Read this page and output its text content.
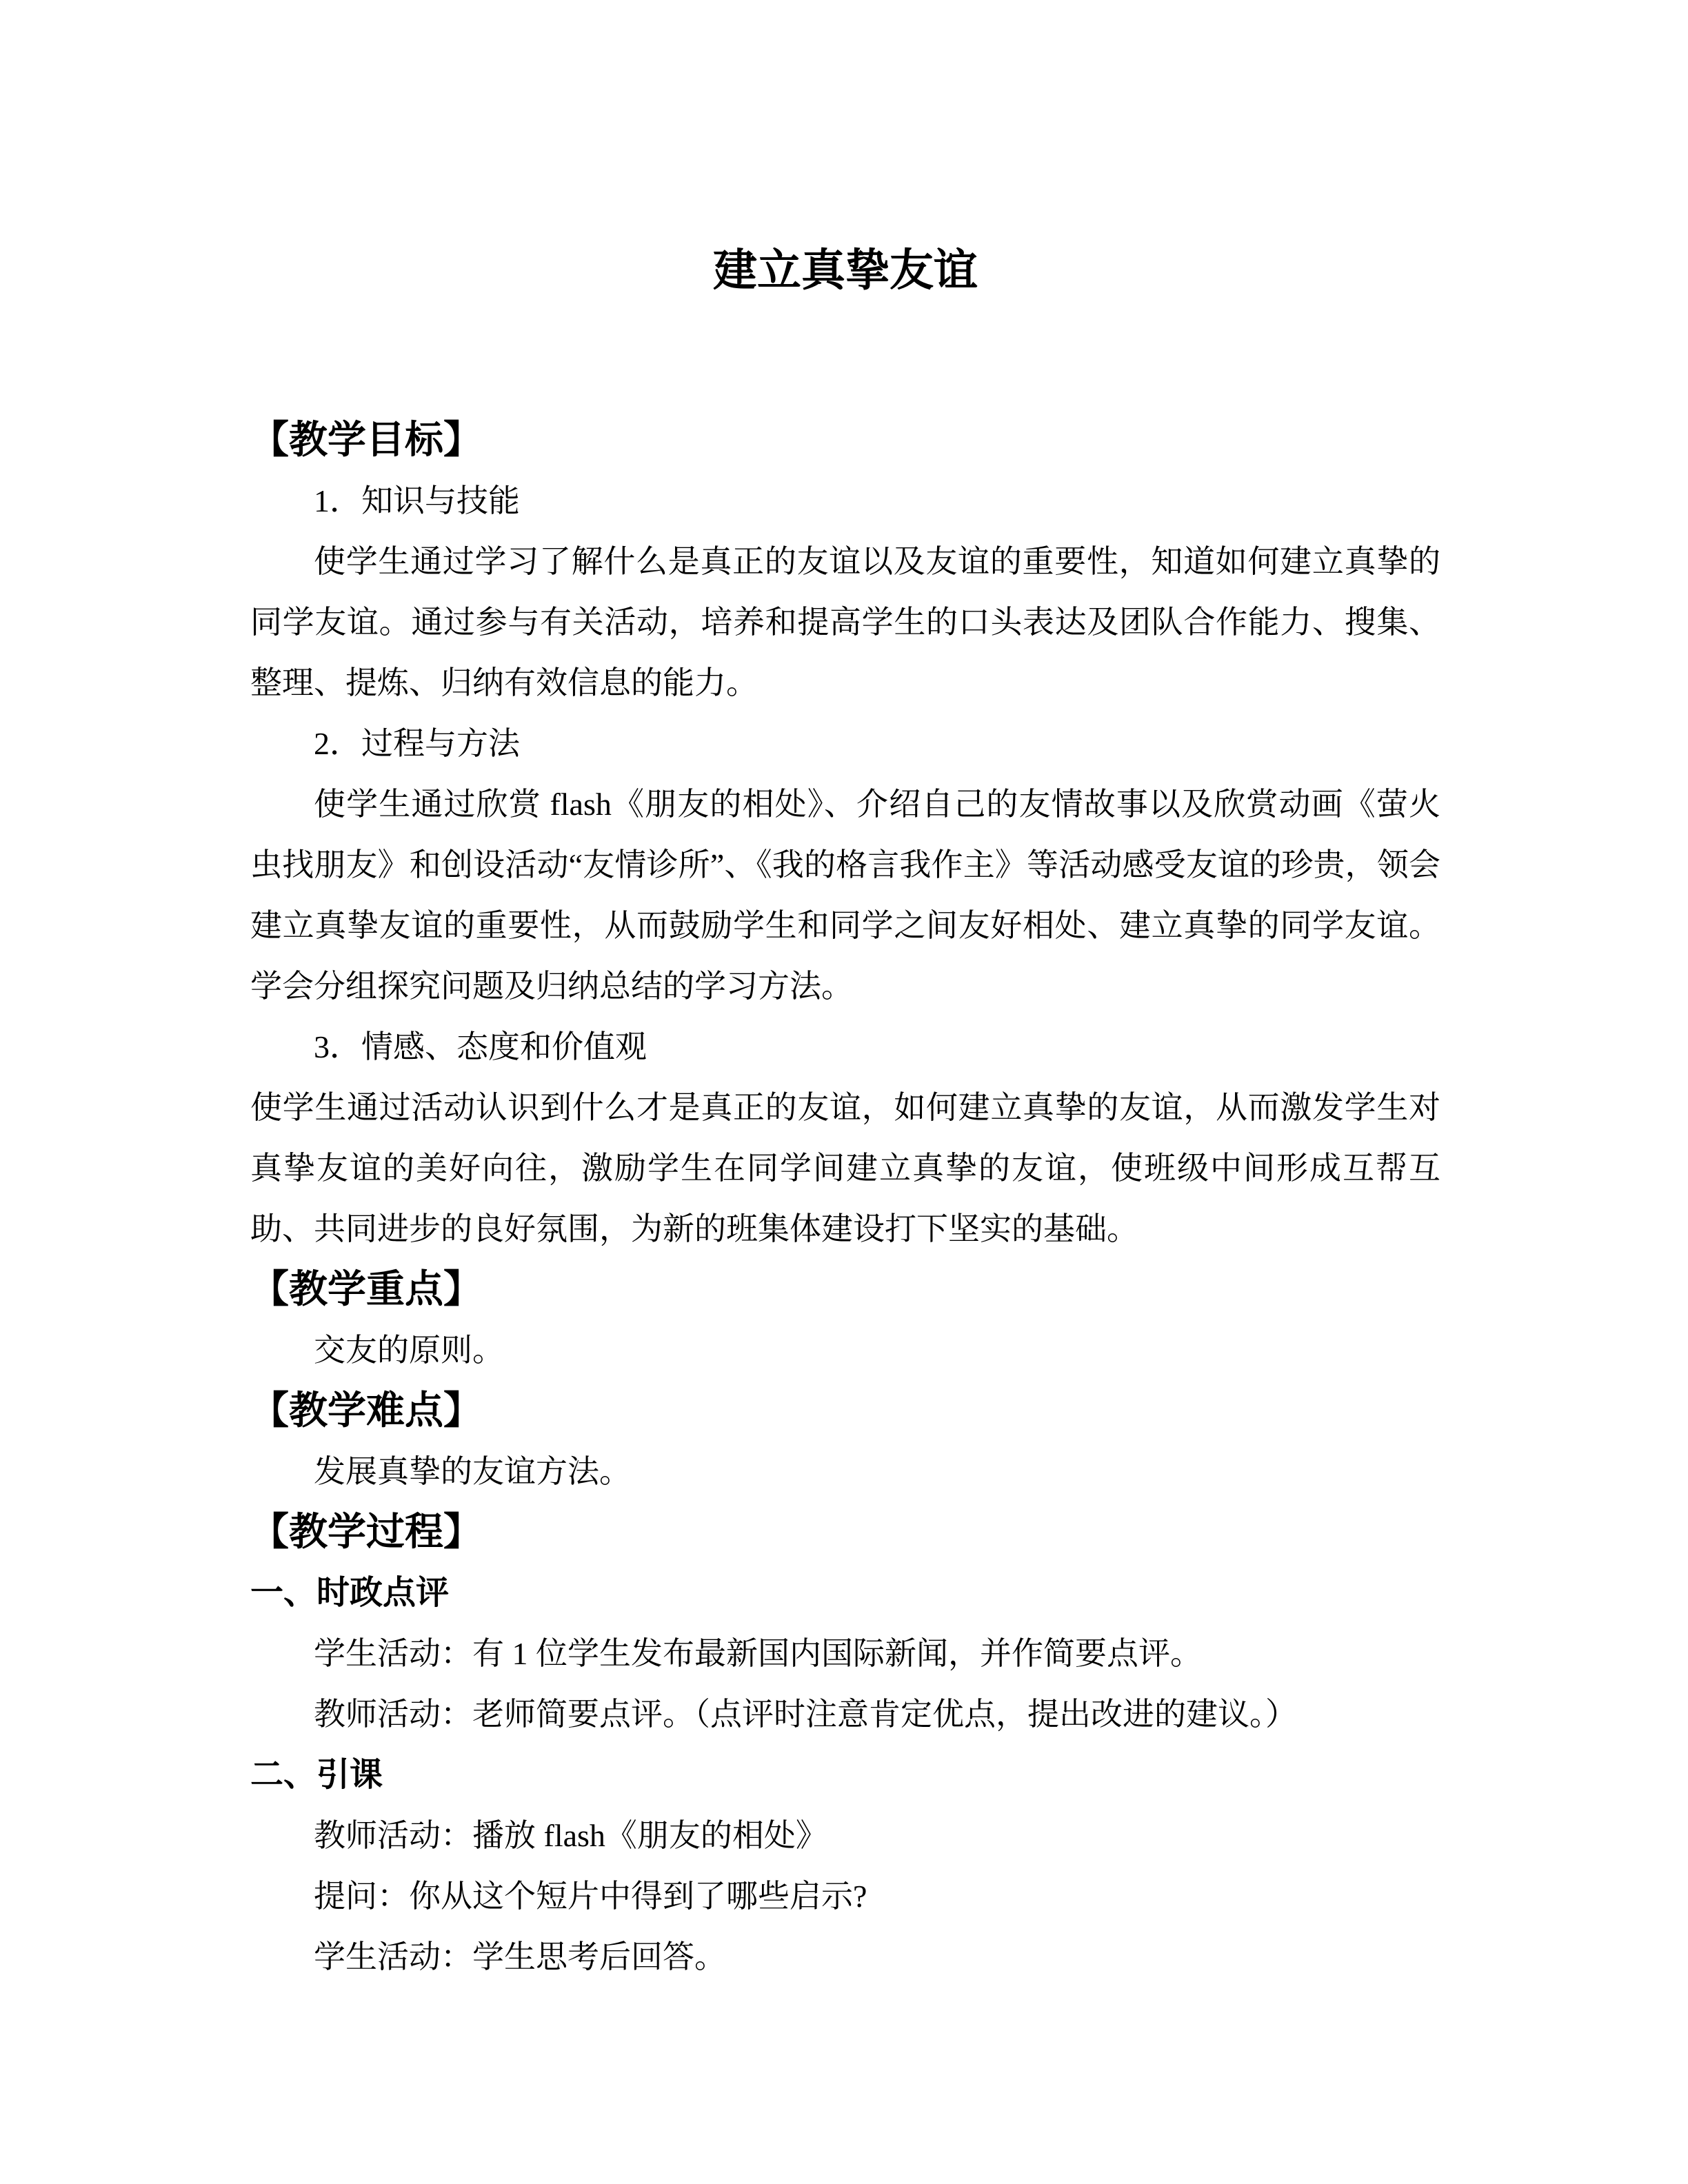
建立真挚友谊
【教学目标】
1．知识与技能
使学生通过学习了解什么是真正的友谊以及友谊的重要性，知道如何建立真挚的同学友谊。通过参与有关活动，培养和提高学生的口头表达及团队合作能力、搜集、整理、提炼、归纳有效信息的能力。
2．过程与方法
使学生通过欣赏 flash《朋友的相处》、介绍自己的友情故事以及欣赏动画《萤火虫找朋友》和创设活动“友情诊所”、《我的格言我作主》等活动感受友谊的珍贵，领会建立真挚友谊的重要性，从而鼓励学生和同学之间友好相处、建立真挚的同学友谊。学会分组探究问题及归纳总结的学习方法。
3．情感、态度和价值观
使学生通过活动认识到什么才是真正的友谊，如何建立真挚的友谊，从而激发学生对真挚友谊的美好向往，激励学生在同学间建立真挚的友谊，使班级中间形成互帮互助、共同进步的良好氛围，为新的班集体建设打下坚实的基础。
【教学重点】
交友的原则。
【教学难点】
发展真挚的友谊方法。
【教学过程】
一、时政点评
学生活动：有 1 位学生发布最新国内国际新闻，并作简要点评。
教师活动：老师简要点评。（点评时注意肯定优点，提出改进的建议。）
二、引课
教师活动：播放 flash《朋友的相处》
提问：你从这个短片中得到了哪些启示?
学生活动：学生思考后回答。
